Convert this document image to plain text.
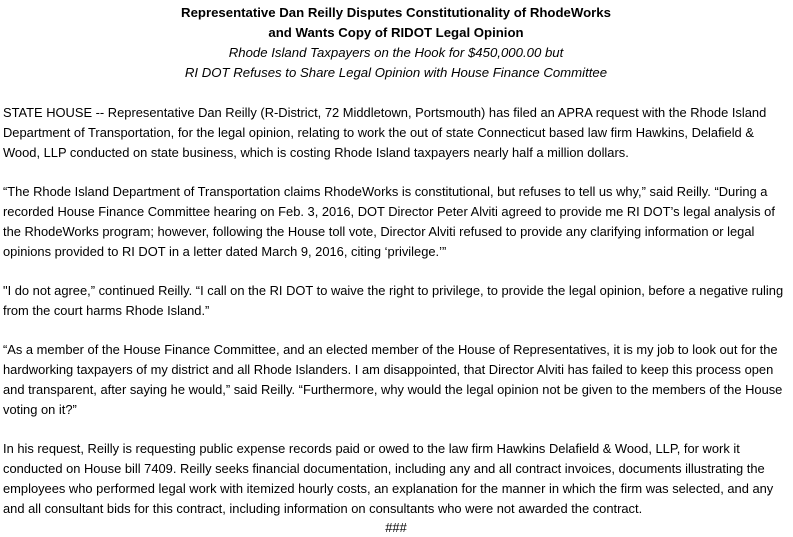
Representative Dan Reilly Disputes Constitutionality of RhodeWorks
and Wants Copy of RIDOT Legal Opinion
Rhode Island Taxpayers on the Hook for $450,000.00 but
RI DOT Refuses to Share Legal Opinion with House Finance Committee

STATE HOUSE -- Representative Dan Reilly (R-District, 72 Middletown, Portsmouth) has filed an APRA request with the Rhode Island Department of Transportation, for the legal opinion, relating to work the out of state Connecticut based law firm Hawkins, Delafield & Wood, LLP conducted on state business, which is costing Rhode Island taxpayers nearly half a million dollars.

“The Rhode Island Department of Transportation claims RhodeWorks is constitutional, but refuses to tell us why,” said Reilly. “During a recorded House Finance Committee hearing on Feb. 3, 2016, DOT Director Peter Alviti agreed to provide me RI DOT’s legal analysis of the RhodeWorks program; however, following the House toll vote, Director Alviti refused to provide any clarifying information or legal opinions provided to RI DOT in a letter dated March 9, 2016, citing ‘privilege.’”

"I do not agree,” continued Reilly. “I call on the RI DOT to waive the right to privilege, to provide the legal opinion, before a negative ruling from the court harms Rhode Island.”

“As a member of the House Finance Committee, and an elected member of the House of Representatives, it is my job to look out for the hardworking taxpayers of my district and all Rhode Islanders. I am disappointed, that Director Alviti has failed to keep this process open and transparent, after saying he would,” said Reilly. “Furthermore, why would the legal opinion not be given to the members of the House voting on it?”

In his request, Reilly is requesting public expense records paid or owed to the law firm Hawkins Delafield & Wood, LLP, for work it conducted on House bill 7409. Reilly seeks financial documentation, including any and all contract invoices, documents illustrating the employees who performed legal work with itemized hourly costs, an explanation for the manner in which the firm was selected, and any and all consultant bids for this contract, including information on consultants who were not awarded the contract.

###
